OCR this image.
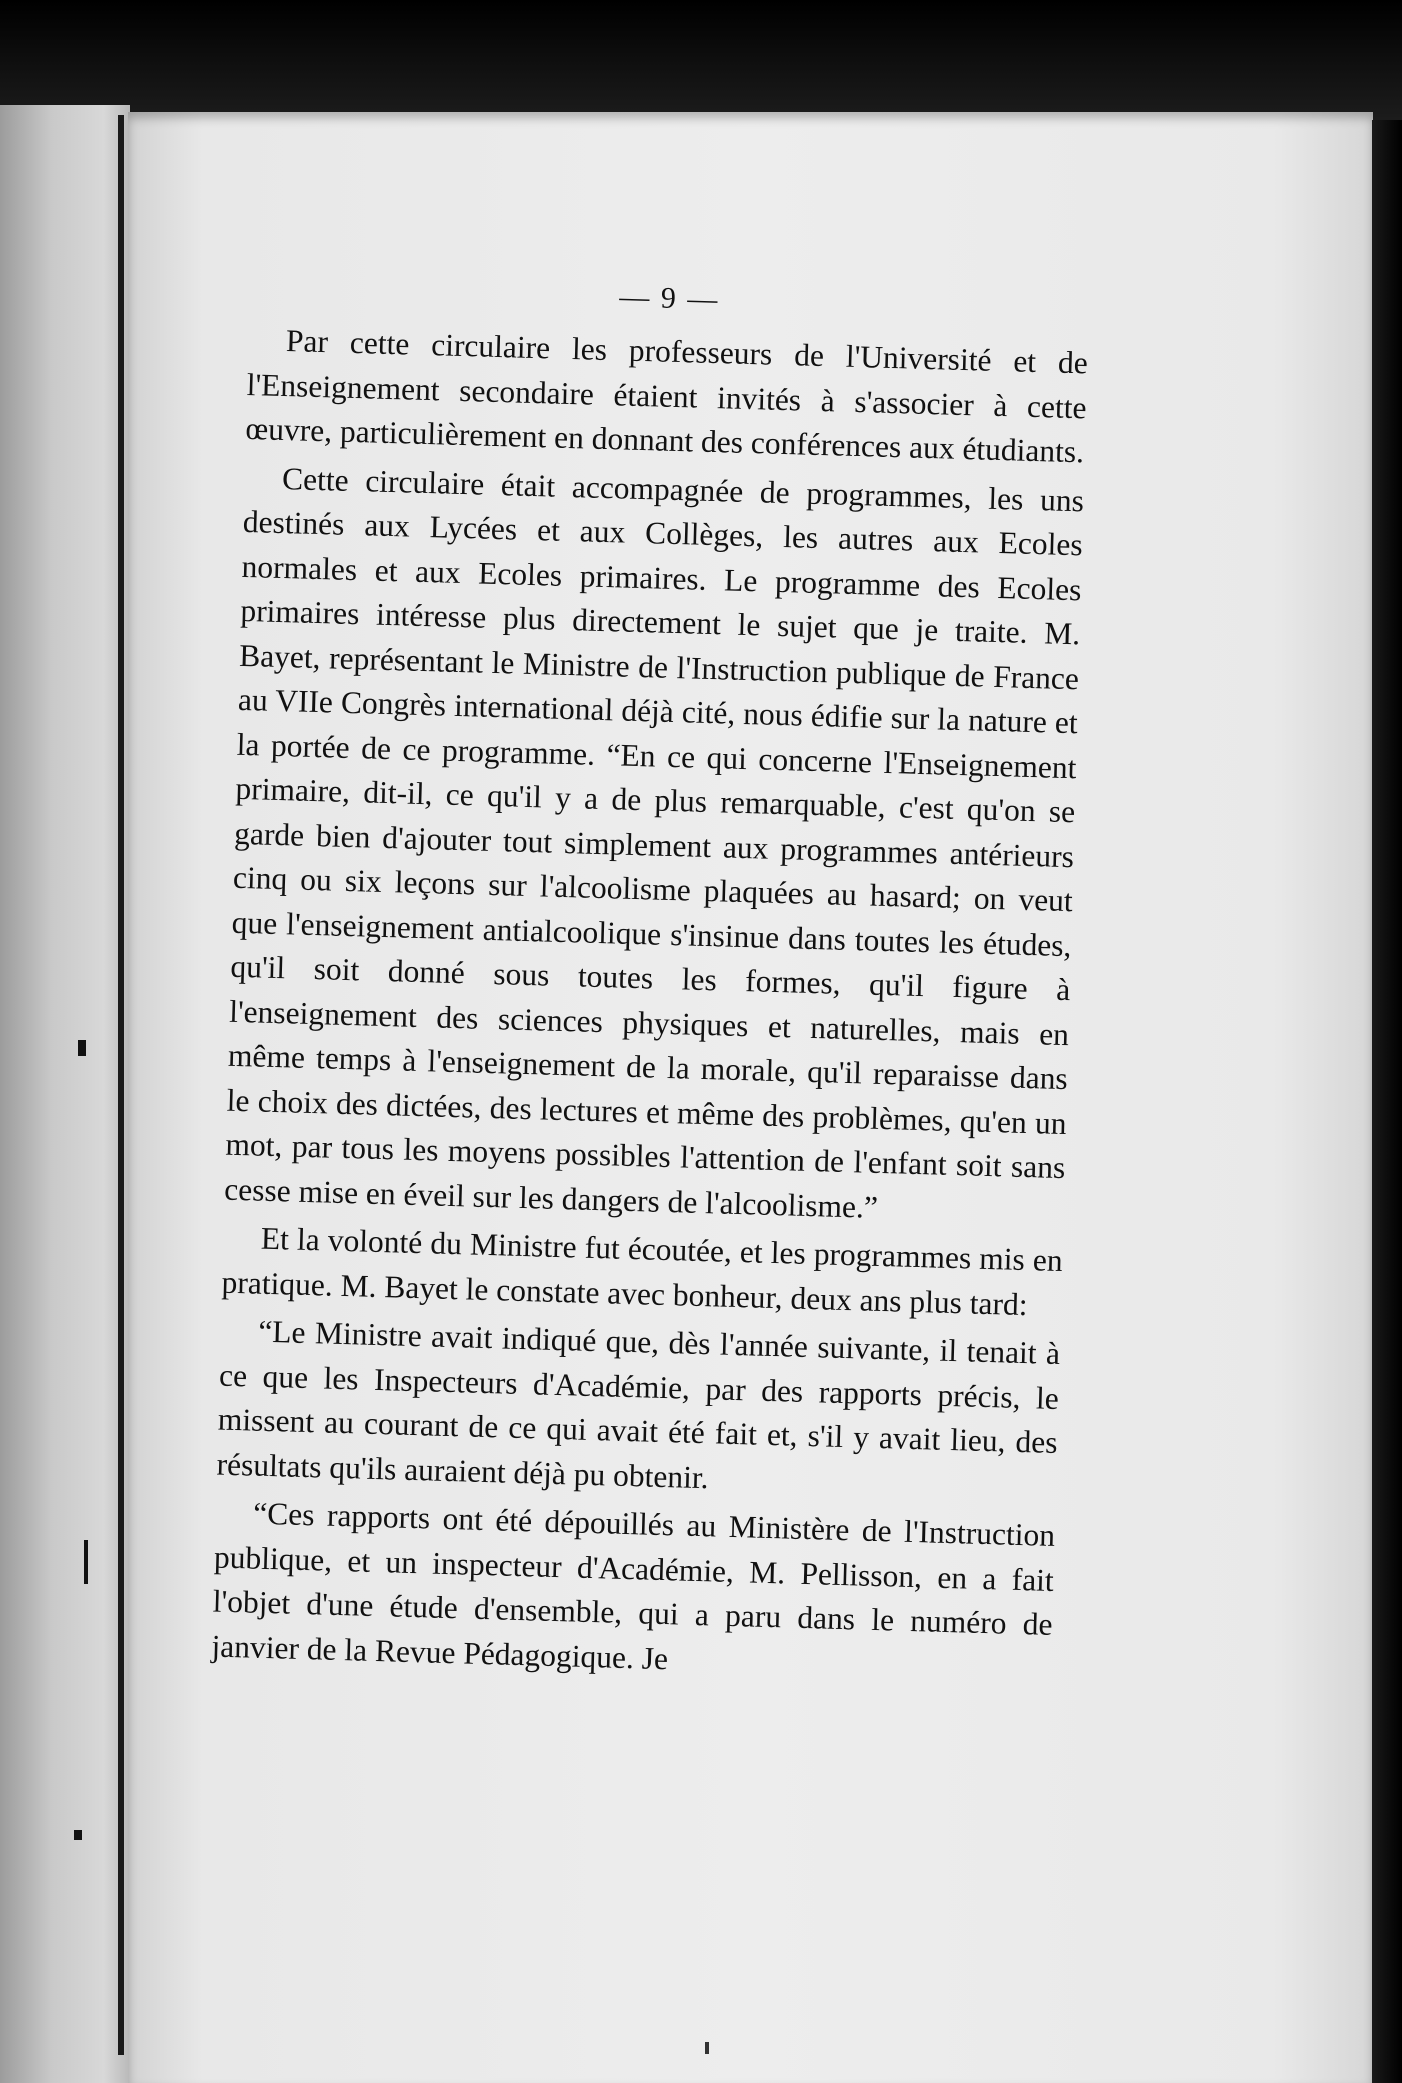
— 9 —

Par cette circulaire les professeurs de l'Université et de l'Enseignement secondaire étaient invités à s'associer à cette œuvre, particulièrement en donnant des conférences aux étudiants.

Cette circulaire était accompagnée de programmes, les uns destinés aux Lycées et aux Collèges, les autres aux Ecoles normales et aux Ecoles primaires. Le programme des Ecoles primaires intéresse plus directement le sujet que je traite. M. Bayet, représentant le Ministre de l'Instruction publique de France au VIIe Congrès international déjà cité, nous édifie sur la nature et la portée de ce programme. “En ce qui concerne l'Enseignement primaire, dit-il, ce qu'il y a de plus remarquable, c'est qu'on se garde bien d'ajouter tout simplement aux programmes antérieurs cinq ou six leçons sur l'alcoolisme plaquées au hasard; on veut que l'enseignement antialcoolique s'insinue dans toutes les études, qu'il soit donné sous toutes les formes, qu'il figure à l'enseignement des sciences physiques et naturelles, mais en même temps à l'enseignement de la morale, qu'il reparaisse dans le choix des dictées, des lectures et même des problèmes, qu'en un mot, par tous les moyens possibles l'attention de l'enfant soit sans cesse mise en éveil sur les dangers de l'alcoolisme.”

Et la volonté du Ministre fut écoutée, et les programmes mis en pratique. M. Bayet le constate avec bonheur, deux ans plus tard:

“Le Ministre avait indiqué que, dès l'année suivante, il tenait à ce que les Inspecteurs d'Académie, par des rapports précis, le missent au courant de ce qui avait été fait et, s'il y avait lieu, des résultats qu'ils auraient déjà pu obtenir.

“Ces rapports ont été dépouillés au Ministère de l'Instruction publique, et un inspecteur d'Académie, M. Pellisson, en a fait l'objet d'une étude d'ensemble, qui a paru dans le numéro de janvier de la Revue Pédagogique. Je
